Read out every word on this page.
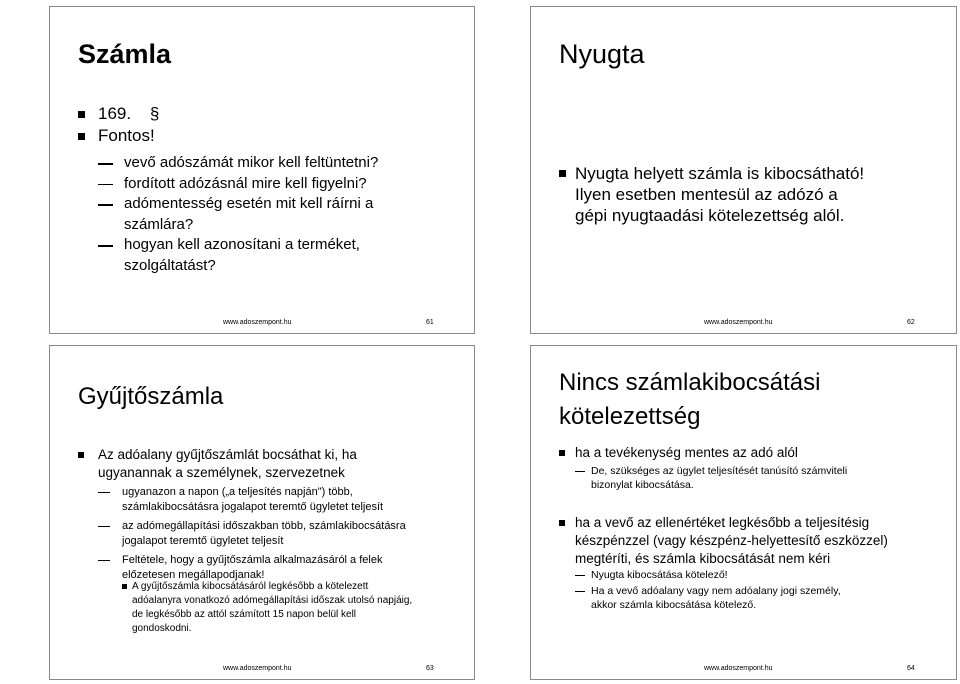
Számla
169. §
Fontos!
vevő adószámát mikor kell feltüntetni?
fordított adózásnál mire kell figyelni?
adómentesség esetén mit kell ráírni a
számlára?
hogyan kell azonosítani a terméket,
szolgáltatást?
www.adoszempont.hu	61
Nyugta
Nyugta helyett számla is kibocsátható!
Ilyen esetben mentesül az adózó a
gépi nyugtaadási kötelezettség alól.
www.adoszempont.hu	62
Gyűjtőszámla
Az adóalany gyűjtőszámlát bocsáthat ki, ha
ugyanannak a személynek, szervezetnek
ugyanazon a napon („a teljesítés napján") több,
számlakibocsátásra jogalapot teremtő ügyletet teljesít
az adómegállapítási időszakban több, számlakibocsátásra
jogalapot teremtő ügyletet teljesít
Feltétele, hogy a gyűjtőszámla alkalmazásáról a felek
előzetesen megállapodjanak!
A gyűjtőszámla kibocsátásáról legkésőbb a kötelezett
adóalanyra vonatkozó adómegállapítási időszak utolsó napjáig,
de legkésőbb az attól számított 15 napon belül kell
gondoskodni.
www.adoszempont.hu	63
Nincs számlakibocsátási
kötelezettség
ha a tevékenység mentes az adó alól
De, szükséges az ügylet teljesítését tanúsító számviteli
bizonylat kibocsátása.
ha a vevő az ellenértéket legkésőbb a teljesítésig
készpénzzel (vagy készpénz-helyettesítő eszközzel)
megtéríti, és számla kibocsátását nem kéri
Nyugta kibocsátása kötelező!
Ha a vevő adóalany vagy nem adóalany jogi személy,
akkor számla kibocsátása kötelező.
www.adoszempont.hu	64
